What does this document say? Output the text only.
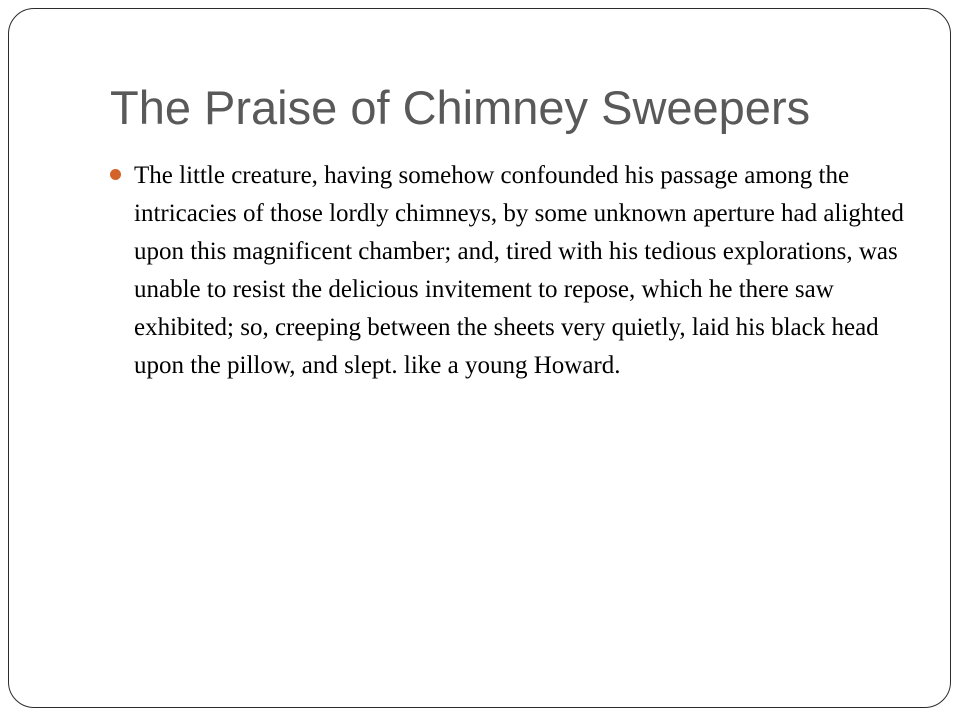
The Praise of Chimney Sweepers
The little creature, having somehow confounded his passage among the intricacies of those lordly chimneys, by some unknown aperture had alighted upon this magnificent chamber; and, tired with his tedious explorations, was unable to resist the delicious invitement to repose, which he there saw exhibited; so, creeping between the sheets very quietly, laid his black head upon the pillow, and slept. like a young Howard.
